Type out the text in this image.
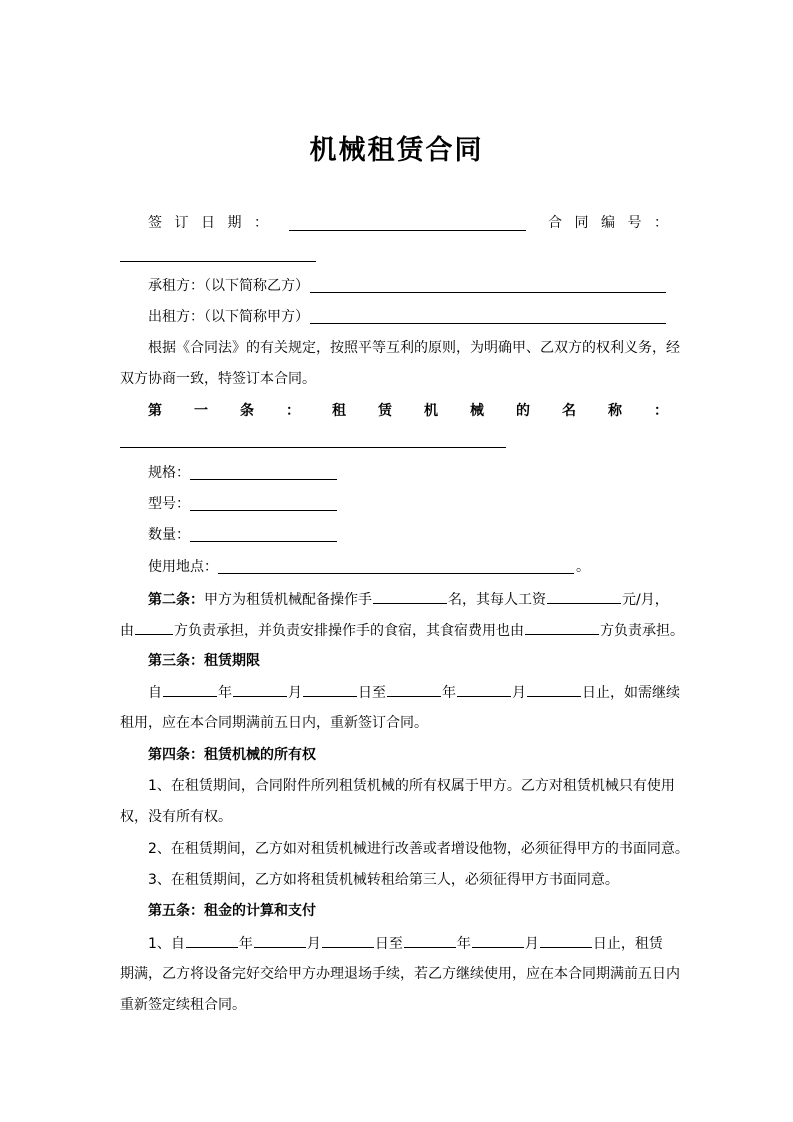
机械租赁合同
签 订 日 期 ：	合 同 编 号 ：
承租方：（以下简称乙方）
出租方：（以下简称甲方）
根据《合同法》的有关规定，按照平等互利的原则，为明确甲、乙双方的权利义务，经
双方协商一致，特签订本合同。
第 一 条 ： 租 赁 机 械 的 名 称 ：
规格：
型号：
数量：
使用地点：	。
第二条：甲方为租赁机械配备操作手	名，其每人工资	元/月，
由	方负责承担，并负责安排操作手的食宿，其食宿费用也由	方负责承担。
第三条：租赁期限
自	年	月	日至	年	月	日止，如需继续
租用，应在本合同期满前五日内，重新签订合同。
第四条：租赁机械的所有权
1、在租赁期间，合同附件所列租赁机械的所有权属于甲方。乙方对租赁机械只有使用
权，没有所有权。
2、在租赁期间，乙方如对租赁机械进行改善或者增设他物，必须征得甲方的书面同意。
3、在租赁期间，乙方如将租赁机械转租给第三人，必须征得甲方书面同意。
第五条：租金的计算和支付
1、自	年	月	日至	年	月	日止，租赁
期满，乙方将设备完好交给甲方办理退场手续，若乙方继续使用，应在本合同期满前五日内
重新签定续租合同。
